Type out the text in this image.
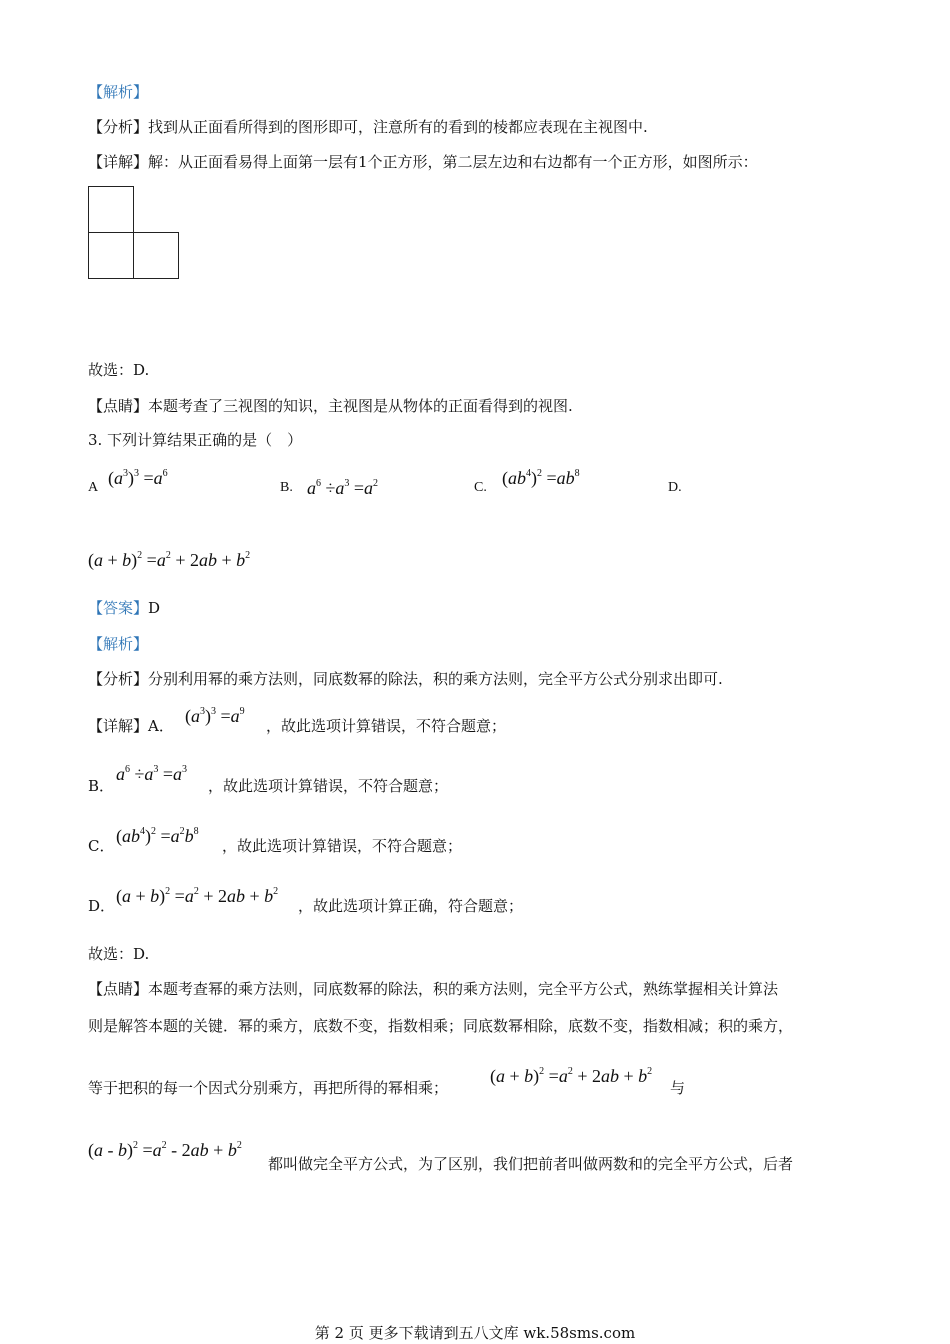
【解析】
【分析】找到从正面看所得到的图形即可，注意所有的看到的棱都应表现在主视图中.
【详解】解：从正面看易得上面第一层有1个正方形，第二层左边和右边都有一个正方形，如图所示：
故选：D.
【点睛】本题考查了三视图的知识，主视图是从物体的正面看得到的视图.
3. 下列计算结果正确的是（　）
A $(a^3)^3 =a^6$
B. $a^6 \div a^3 =a^2$	C. $(ab^4)^2 =ab^8$
D.
$(a + b)^2 =a^2 + 2ab + b^2$
【答案】D
【解析】
【分析】分别利用幂的乘方法则，同底数幂的除法，积的乘方法则，完全平方公式分别求出即可.
【详解】A． $(a^3)^3 =a^9$
，故此选项计算错误，不符合题意；
B．
$a^6 \div a^3 =a^3$
，故此选项计算错误，不符合题意；
C． $(ab^4)^2 =a^2b^8$
，故此选项计算错误，不符合题意；
D． $(a + b)^2 =a^2 + 2ab + b^2$
，故此选项计算正确，符合题意；
故选：D.
【点睛】本题考查幂的乘方法则，同底数幂的除法，积的乘方法则，完全平方公式，熟练掌握相关计算法
则是解答本题的关键．幂的乘方，底数不变，指数相乘；同底数幂相除，底数不变，指数相减；积的乘方，
等于把积的每一个因式分别乘方，再把所得的幂相乘；
$(a + b)^2 =a^2 + 2ab + b^2$
与
$(a - b)^2 =a^2 - 2ab + b^2$
都叫做完全平方公式，为了区别，我们把前者叫做两数和的完全平方公式，后者
第 2 页 更多下载请到五八文库 wk.58sms.com
